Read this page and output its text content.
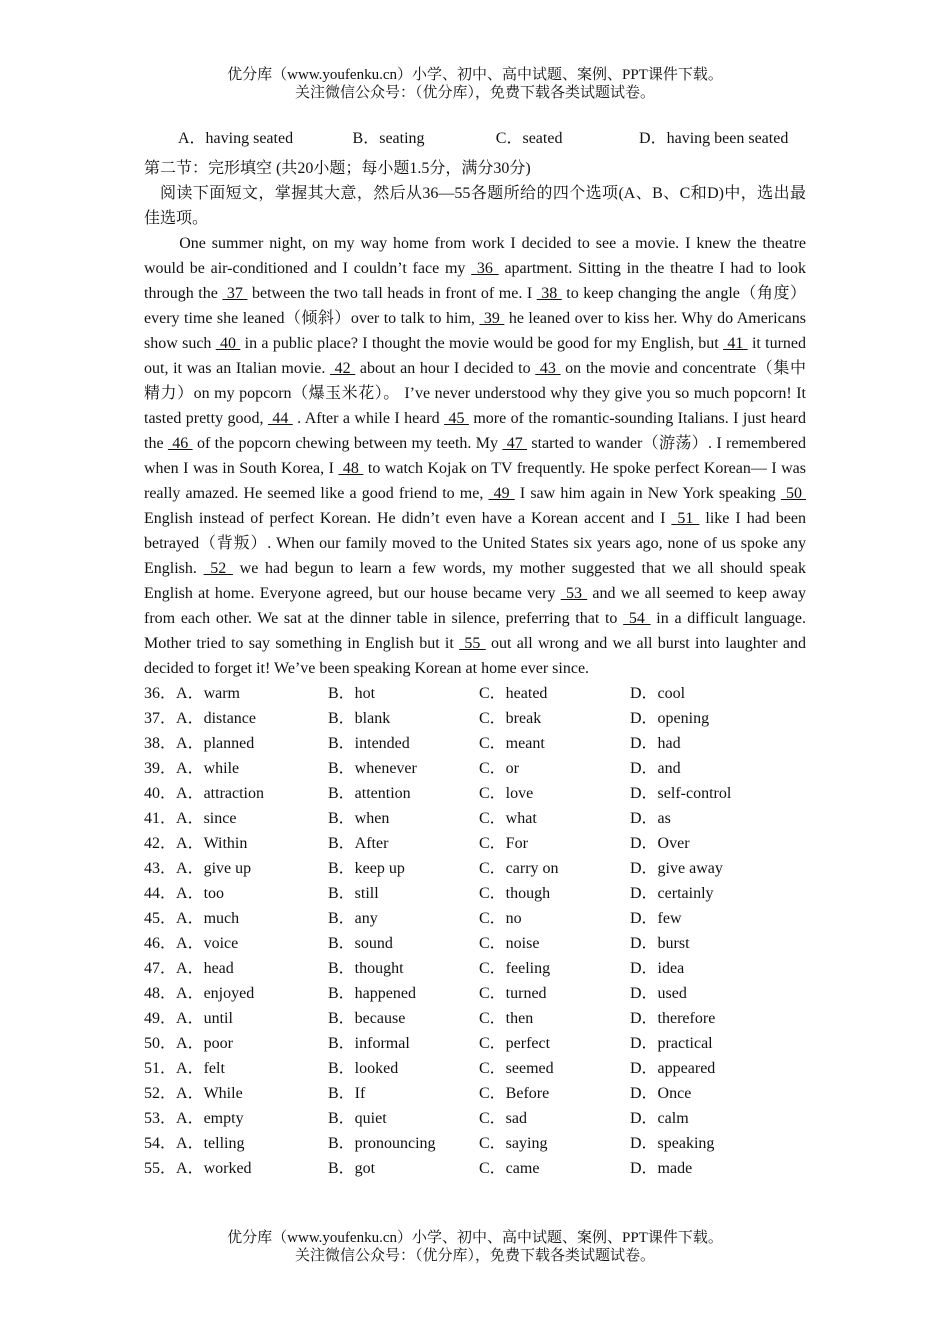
优分库（www.youfenku.cn）小学、初中、高中试题、案例、PPT课件下载。
关注微信公众号：（优分库），免费下载各类试题试卷。
A．having seated	B．seating	C．seated	D．having been seated
第二节：完形填空 (共20小题；每小题1.5分，满分30分)
阅读下面短文，掌握其大意，然后从36—55各题所给的四个选项(A、B、C和D)中，选出最佳选项。
One summer night, on my way home from work I decided to see a movie. I knew the theatre would be air-conditioned and I couldn’t face my  36  apartment. Sitting in the theatre I had to look through the  37  between the two tall heads in front of me. I  38  to keep changing the angle（角度）every time she leaned（倾斜）over to talk to him,  39  he leaned over to kiss her. Why do Americans show such  40  in a public place? I thought the movie would be good for my English, but  41  it turned out, it was an Italian movie.  42  about an hour I decided to  43  on the movie and concentrate（集中精力）on my popcorn（爆玉米花）。 I’ve never understood why they give you so much popcorn! It tasted pretty good,  44  . After a while I heard  45  more of the romantic-sounding Italians. I just heard the  46  of the popcorn chewing between my teeth. My  47  started to wander（游荡）. I remembered when I was in South Korea, I  48  to watch Kojak on TV frequently. He spoke perfect Korean— I was really amazed. He seemed like a good friend to me,  49  I saw him again in New York speaking  50  English instead of perfect Korean. He didn’t even have a Korean accent and I  51  like I had been betrayed（背叛）. When our family moved to the United States six years ago, none of us spoke any English.  52  we had begun to learn a few words, my mother suggested that we all should speak English at home. Everyone agreed, but our house became very  53  and we all seemed to keep away from each other. We sat at the dinner table in silence, preferring that to  54  in a difficult language. Mother tried to say something in English but it  55  out all wrong and we all burst into laughter and decided to forget it! We’ve been speaking Korean at home ever since.
36．A．warm	B．hot	C．heated	D．cool
37．A．distance	B．blank	C．break	D．opening
38．A．planned	B．intended	C．meant	D．had
39．A．while	B．whenever	C．or	D．and
40．A．attraction	B．attention	C．love	D．self-control
41．A．since	B．when	C．what	D．as
42．A．Within	B．After	C．For	D．Over
43．A．give up	B．keep up	C．carry on	D．give away
44．A．too	B．still	C．though	D．certainly
45．A．much	B．any	C．no	D．few
46．A．voice	B．sound	C．noise	D．burst
47．A．head	B．thought	C．feeling	D．idea
48．A．enjoyed	B．happened	C．turned	D．used
49．A．until	B．because	C．then	D．therefore
50．A．poor	B．informal	C．perfect	D．practical
51．A．felt	B．looked	C．seemed	D．appeared
52．A．While	B．If	C．Before	D．Once
53．A．empty	B．quiet	C．sad	D．calm
54．A．telling	B．pronouncing	C．saying	D．speaking
55．A．worked	B．got	C．came	D．made
优分库（www.youfenku.cn）小学、初中、高中试题、案例、PPT课件下载。
关注微信公众号：（优分库），免费下载各类试题试卷。
